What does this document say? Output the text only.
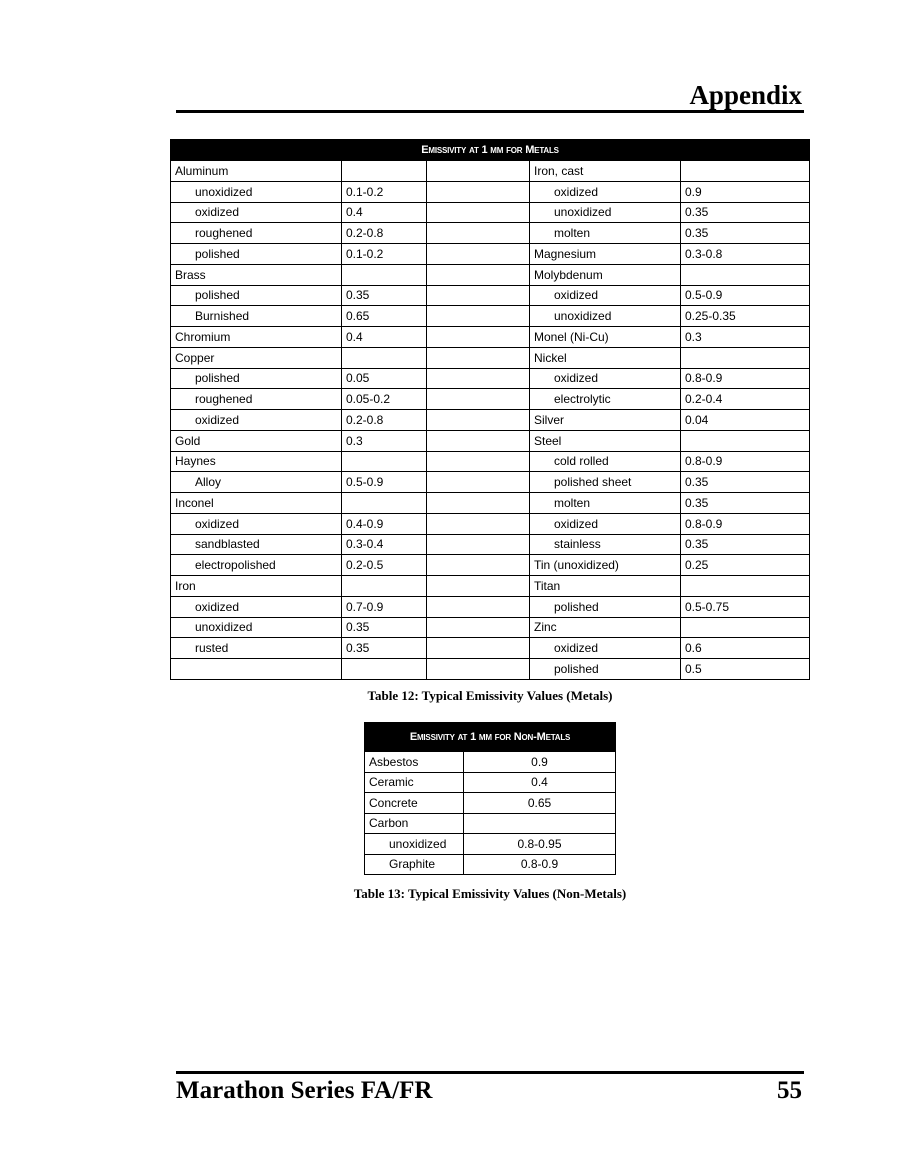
Appendix
Emissivity at 1 µm for Metals				
Aluminum			Iron, cast	
unoxidized	0.1-0.2		oxidized	0.9
oxidized	0.4		unoxidized	0.35
roughened	0.2-0.8		molten	0.35
polished	0.1-0.2		Magnesium	0.3-0.8
Brass			Molybdenum	
polished	0.35		oxidized	0.5-0.9
Burnished	0.65		unoxidized	0.25-0.35
Chromium	0.4		Monel (Ni-Cu)	0.3
Copper			Nickel	
polished	0.05		oxidized	0.8-0.9
roughened	0.05-0.2		electrolytic	0.2-0.4
oxidized	0.2-0.8		Silver	0.04
Gold	0.3		Steel	
Haynes			cold rolled	0.8-0.9
Alloy	0.5-0.9		polished sheet	0.35
Inconel			molten	0.35
oxidized	0.4-0.9		oxidized	0.8-0.9
sandblasted	0.3-0.4		stainless	0.35
electropolished	0.2-0.5		Tin (unoxidized)	0.25
Iron			Titan	
oxidized	0.7-0.9		polished	0.5-0.75
unoxidized	0.35		Zinc	
rusted	0.35		oxidized	0.6
			polished	0.5
Table 12: Typical Emissivity Values (Metals)
Emissivity at 1 µm for Non-Metals	
Asbestos	0.9
Ceramic	0.4
Concrete	0.65
Carbon	
unoxidized	0.8-0.95
Graphite	0.8-0.9
Table 13: Typical Emissivity Values (Non-Metals)
Marathon Series FA/FR	55
